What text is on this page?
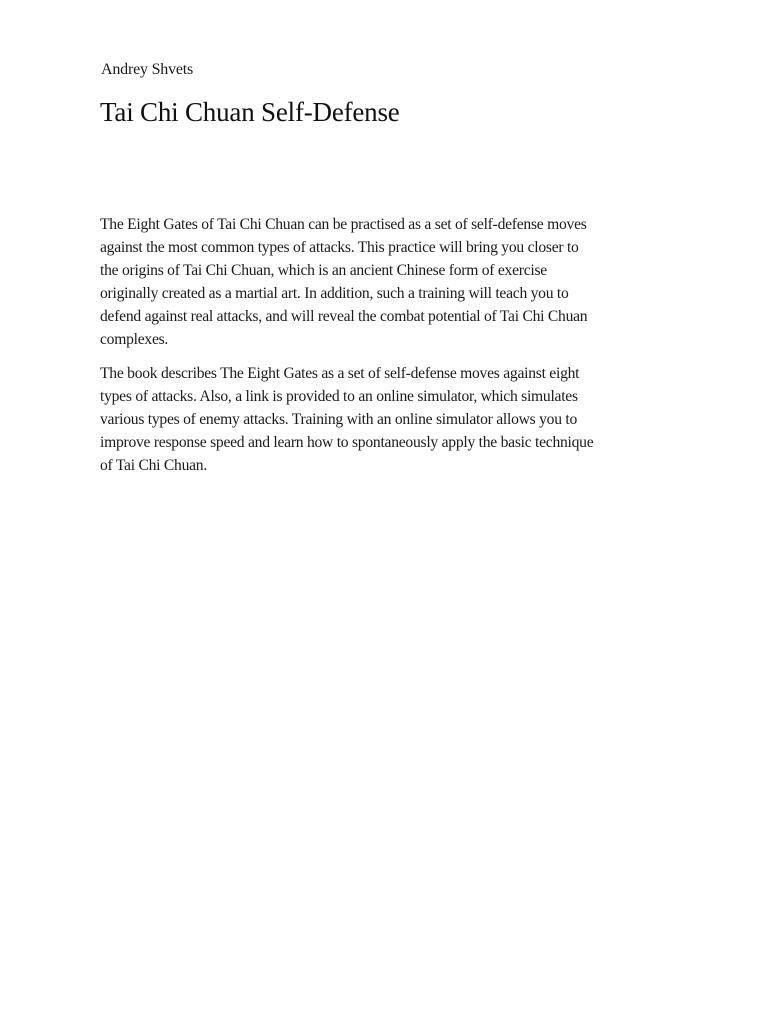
Andrey Shvets
Tai Chi Chuan Self-Defense

The Eight Gates of Tai Chi Chuan can be practised as a set of self-defense moves
against the most common types of attacks. This practice will bring you closer to
the origins of Tai Chi Chuan, which is an ancient Chinese form of exercise
originally created as a martial art. In addition, such a training will teach you to
defend against real attacks, and will reveal the combat potential of Tai Chi Chuan
complexes.

The book describes The Eight Gates as a set of self-defense moves against eight
types of attacks. Also, a link is provided to an online simulator, which simulates
various types of enemy attacks. Training with an online simulator allows you to
improve response speed and learn how to spontaneously apply the basic technique
of Tai Chi Chuan.
